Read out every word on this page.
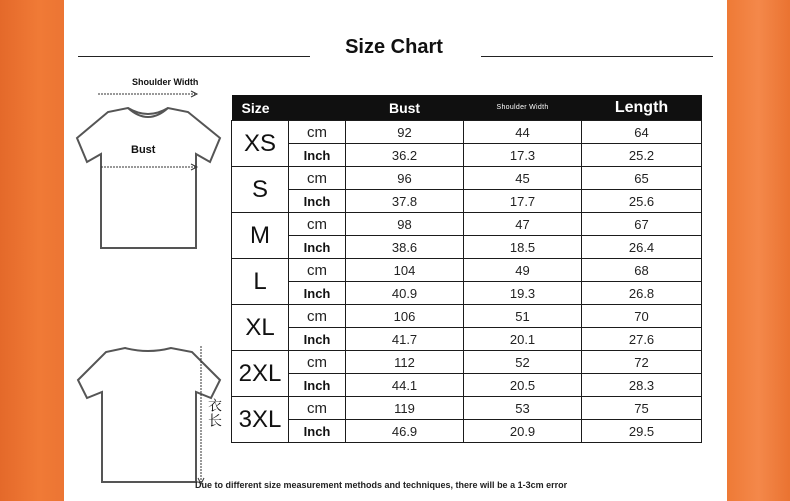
Size Chart
Shoulder Width
Bust
衣长
Size		Bust	Shoulder Width	Length
XS	cm	92	44	64
	Inch	36.2	17.3	25.2
S	cm	96	45	65
	Inch	37.8	17.7	25.6
M	cm	98	47	67
	Inch	38.6	18.5	26.4
L	cm	104	49	68
	Inch	40.9	19.3	26.8
XL	cm	106	51	70
	Inch	41.7	20.1	27.6
2XL	cm	112	52	72
	Inch	44.1	20.5	28.3
3XL	cm	119	53	75
	Inch	46.9	20.9	29.5
Due to different size measurement methods and techniques, there will be a 1-3cm error
